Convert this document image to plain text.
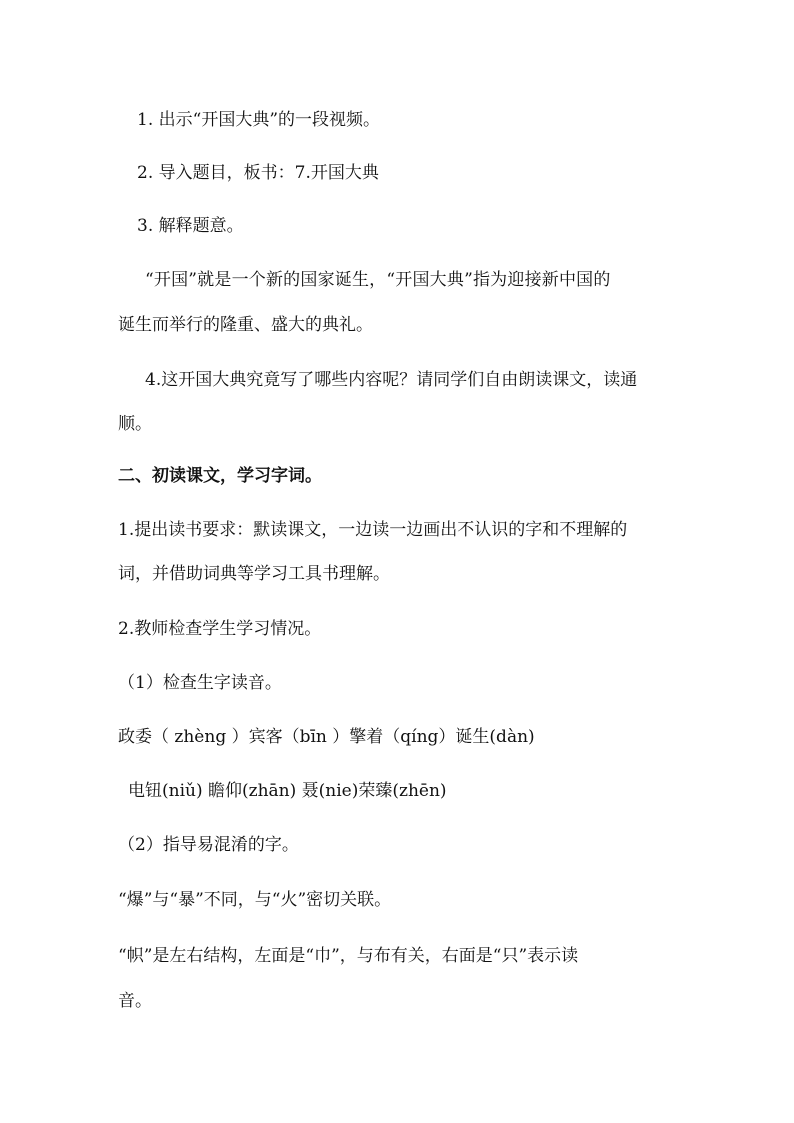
1. 出示“开国大典”的一段视频。
2. 导入题目，板书：7.开国大典
3. 解释题意。
“开国”就是一个新的国家诞生，“开国大典”指为迎接新中国的
诞生而举行的隆重、盛大的典礼。
4.这开国大典究竟写了哪些内容呢？请同学们自由朗读课文，读通
顺。
二、初读课文，学习字词。
1.提出读书要求：默读课文，一边读一边画出不认识的字和不理解的
词，并借助词典等学习工具书理解。
2.教师检查学生学习情况。
（1）检查生字读音。
政委（ zhèng ）宾客（bīn ）擎着（qíng）诞生(dàn)
电钮(niǔ) 瞻仰(zhān) 聂(nie)荣臻(zhēn)
（2）指导易混淆的字。
“爆”与“暴”不同，与“火”密切关联。
“帜”是左右结构，左面是“巾”，与布有关，右面是“只”表示读
音。
